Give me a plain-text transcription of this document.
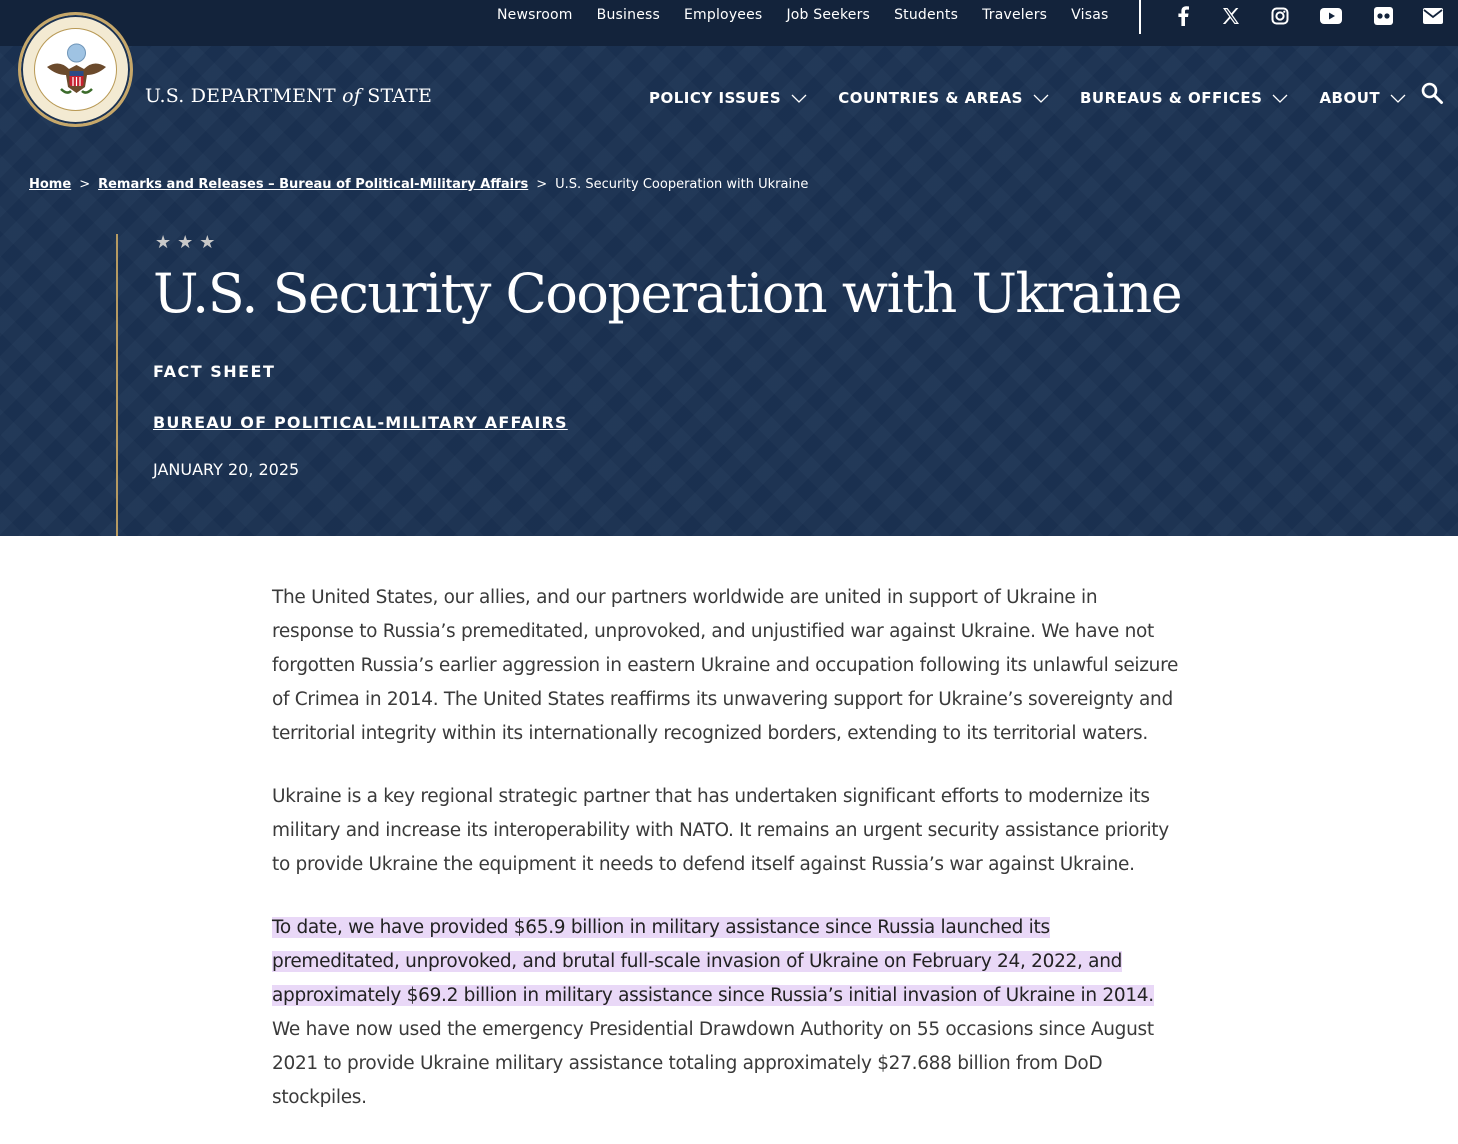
Newsroom Business Employees Job Seekers Students Travelers Visas
U.S. DEPARTMENT of STATE	POLICY ISSUES	COUNTRIES & AREAS	BUREAUS & OFFICES	ABOUT
Home > Remarks and Releases – Bureau of Political-Military Affairs > U.S. Security Cooperation with Ukraine
★★★
U.S. Security Cooperation with Ukraine
FACT SHEET
BUREAU OF POLITICAL-MILITARY AFFAIRS
JANUARY 20, 2025

The United States, our allies, and our partners worldwide are united in support of Ukraine in response to Russia’s premeditated, unprovoked, and unjustified war against Ukraine. We have not forgotten Russia’s earlier aggression in eastern Ukraine and occupation following its unlawful seizure of Crimea in 2014. The United States reaffirms its unwavering support for Ukraine’s sovereignty and territorial integrity within its internationally recognized borders, extending to its territorial waters.

Ukraine is a key regional strategic partner that has undertaken significant efforts to modernize its military and increase its interoperability with NATO. It remains an urgent security assistance priority to provide Ukraine the equipment it needs to defend itself against Russia’s war against Ukraine.

To date, we have provided $65.9 billion in military assistance since Russia launched its premeditated, unprovoked, and brutal full-scale invasion of Ukraine on February 24, 2022, and approximately $69.2 billion in military assistance since Russia’s initial invasion of Ukraine in 2014. We have now used the emergency Presidential Drawdown Authority on 55 occasions since August 2021 to provide Ukraine military assistance totaling approximately $27.688 billion from DoD stockpiles.
